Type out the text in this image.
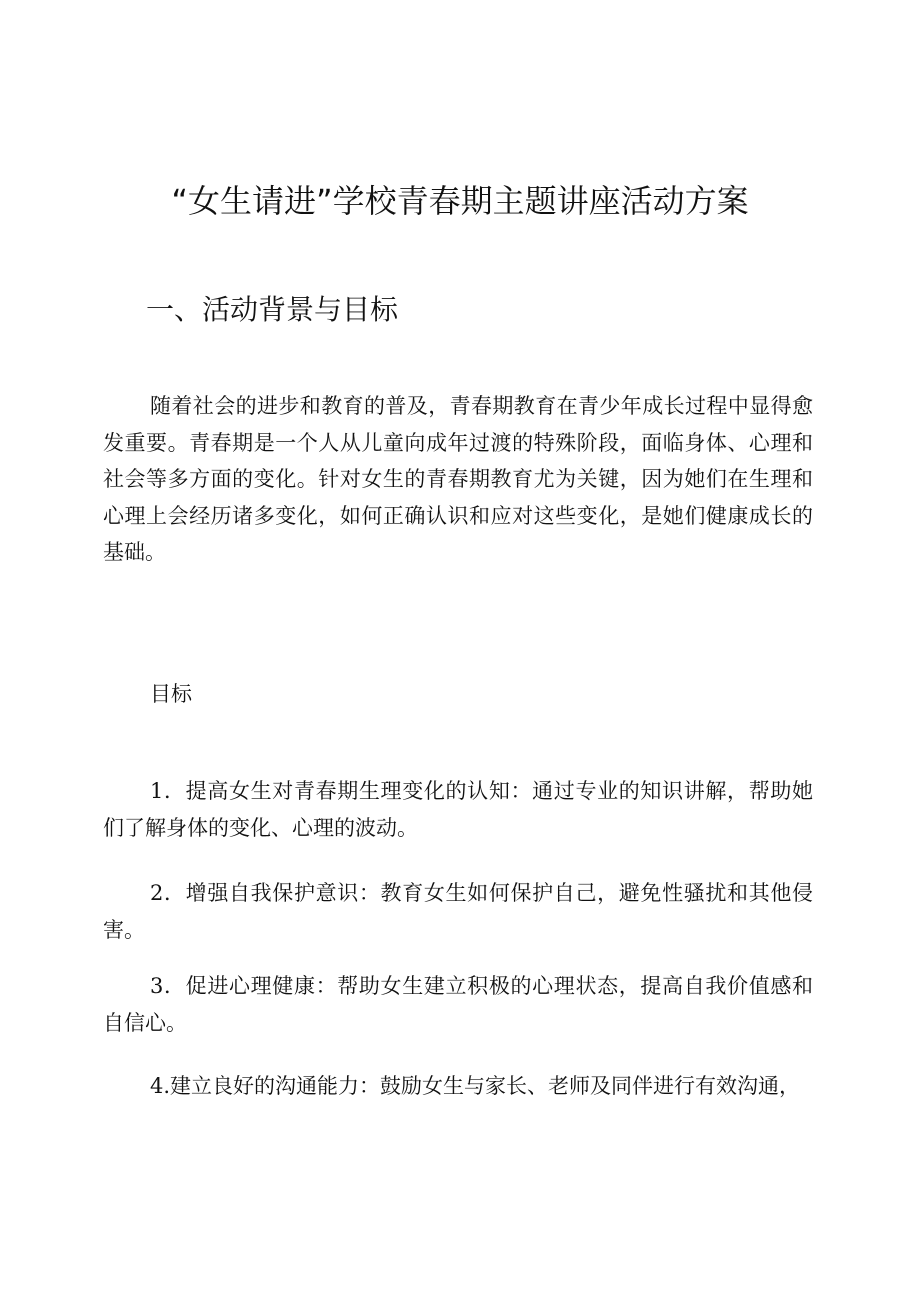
“女生请进”学校青春期主题讲座活动方案
一、活动背景与目标

随着社会的进步和教育的普及，青春期教育在青少年成长过程中显得愈发重要。青春期是一个人从儿童向成年过渡的特殊阶段，面临身体、心理和社会等多方面的变化。针对女生的青春期教育尤为关键，因为她们在生理和心理上会经历诸多变化，如何正确认识和应对这些变化，是她们健康成长的基础。

目标

1．提高女生对青春期生理变化的认知：通过专业的知识讲解，帮助她们了解身体的变化、心理的波动。

2．增强自我保护意识：教育女生如何保护自己，避免性骚扰和其他侵害。

3．促进心理健康：帮助女生建立积极的心理状态，提高自我价值感和自信心。

4.建立良好的沟通能力：鼓励女生与家长、老师及同伴进行有效沟通，
